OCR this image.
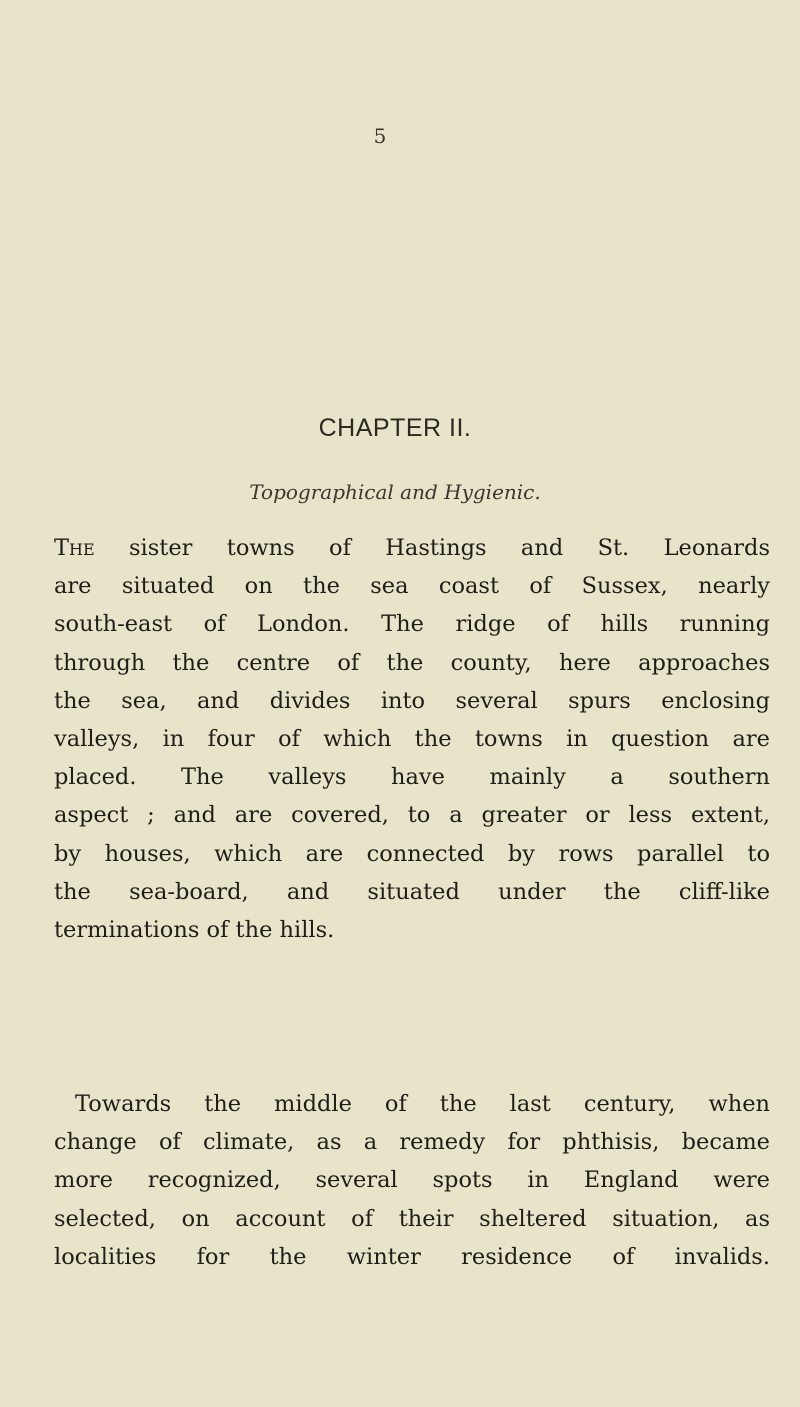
5
CHAPTER II.
Topographical and Hygienic.
The sister towns of Hastings and St. Leonards
are situated on the sea coast of Sussex, nearly
south-east of London. The ridge of hills running
through the centre of the county, here approaches
the sea, and divides into several spurs enclosing
valleys, in four of which the towns in question are
placed. The valleys have mainly a southern
aspect ; and are covered, to a greater or less extent,
by houses, which are connected by rows parallel to
the sea-board, and situated under the cliff-like
terminations of the hills.
Towards the middle of the last century, when
change of climate, as a remedy for phthisis, became
more recognized, several spots in England were
selected, on account of their sheltered situation, as
localities for the winter residence of invalids.
